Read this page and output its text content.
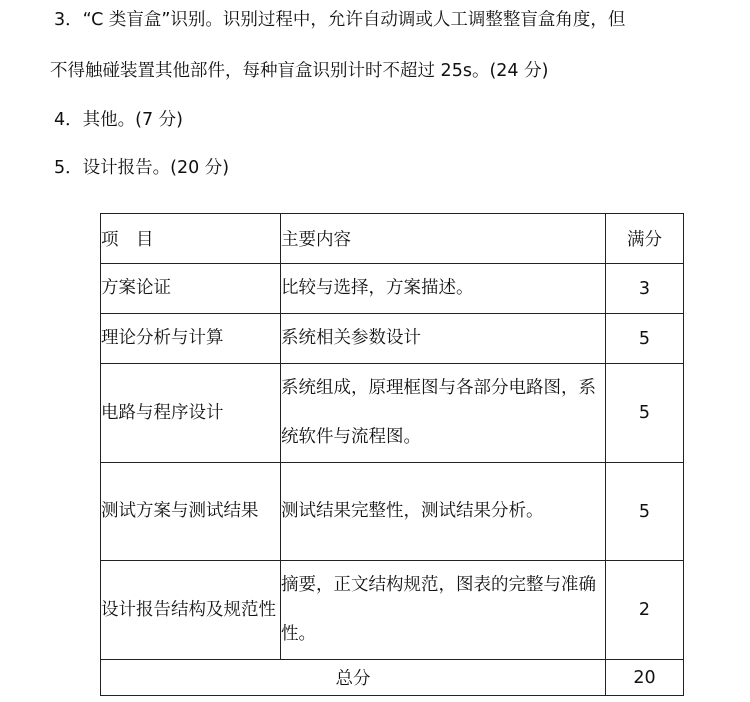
3．“C 类盲盒”识别。识别过程中，允许自动调或人工调整整盲盒角度，但
不得触碰装置其他部件，每种盲盒识别计时不超过 25s。(24 分)
4．其他。(7 分)
5．设计报告。(20 分)
项　目	主要内容	满分
方案论证	比较与选择，方案描述。	3
理论分析与计算	系统相关参数设计	5
电路与程序设计	系统组成，原理框图与各部分电路图，系统软件与流程图。	5
测试方案与测试结果	测试结果完整性，测试结果分析。	5
设计报告结构及规范性	摘要，正文结构规范，图表的完整与准确性。	2
总分		20
